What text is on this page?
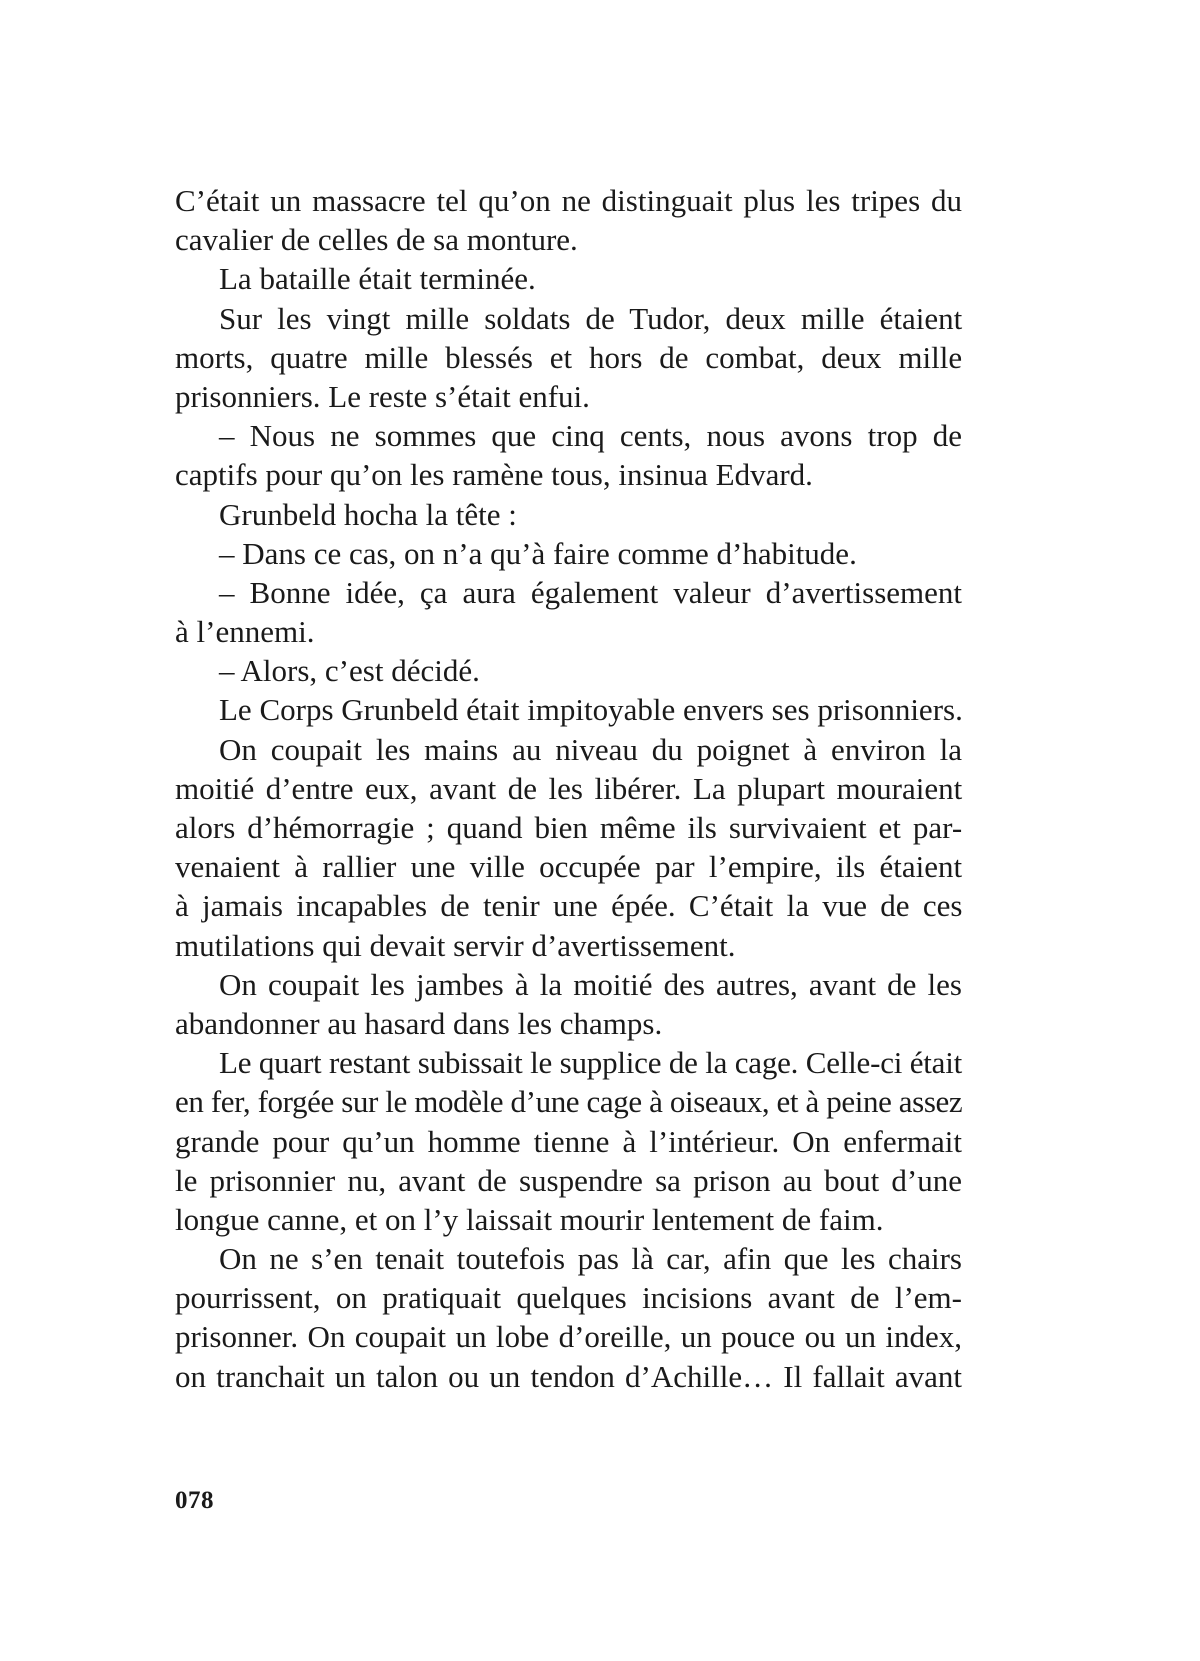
C’était un massacre tel qu’on ne distinguait plus les tripes du
cavalier de celles de sa monture.
La bataille était terminée.
Sur les vingt mille soldats de Tudor, deux mille étaient
morts, quatre mille blessés et hors de combat, deux mille
prisonniers. Le reste s’était enfui.
– Nous ne sommes que cinq cents, nous avons trop de
captifs pour qu’on les ramène tous, insinua Edvard.
Grunbeld hocha la tête :
– Dans ce cas, on n’a qu’à faire comme d’habitude.
– Bonne idée, ça aura également valeur d’avertissement
à l’ennemi.
– Alors, c’est décidé.
Le Corps Grunbeld était impitoyable envers ses prisonniers.
On coupait les mains au niveau du poignet à environ la
moitié d’entre eux, avant de les libérer. La plupart mouraient
alors d’hémorragie ; quand bien même ils survivaient et par-
venaient à rallier une ville occupée par l’empire, ils étaient
à jamais incapables de tenir une épée. C’était la vue de ces
mutilations qui devait servir d’avertissement.
On coupait les jambes à la moitié des autres, avant de les
abandonner au hasard dans les champs.
Le quart restant subissait le supplice de la cage. Celle-ci était
en fer, forgée sur le modèle d’une cage à oiseaux, et à peine assez
grande pour qu’un homme tienne à l’intérieur. On enfermait
le prisonnier nu, avant de suspendre sa prison au bout d’une
longue canne, et on l’y laissait mourir lentement de faim.
On ne s’en tenait toutefois pas là car, afin que les chairs
pourrissent, on pratiquait quelques incisions avant de l’em-
prisonner. On coupait un lobe d’oreille, un pouce ou un index,
on tranchait un talon ou un tendon d’Achille… Il fallait avant
078
